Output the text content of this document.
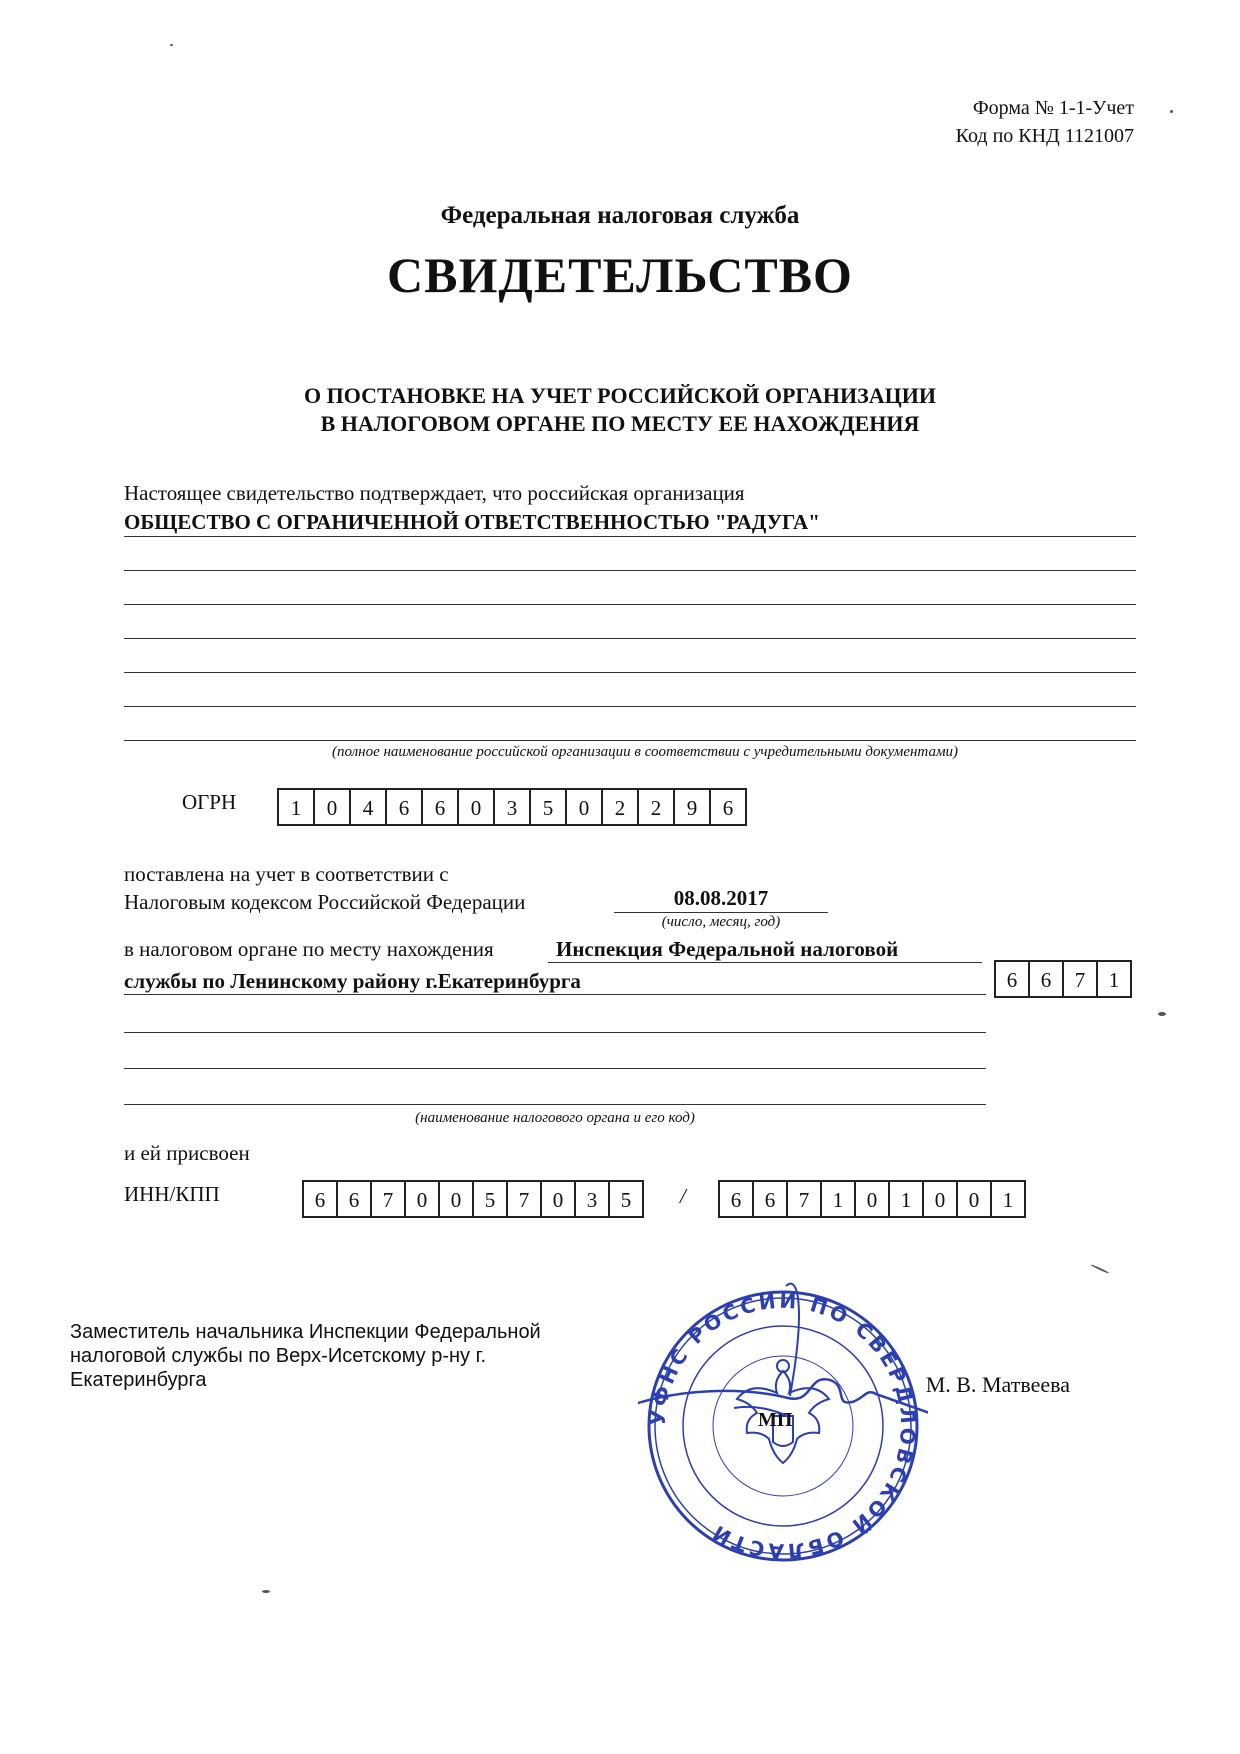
Форма № 1-1-Учет
Код по КНД 1121007
Федеральная налоговая служба
СВИДЕТЕЛЬСТВО
О ПОСТАНОВКЕ НА УЧЕТ РОССИЙСКОЙ ОРГАНИЗАЦИИ
В НАЛОГОВОМ ОРГАНЕ ПО МЕСТУ ЕЕ НАХОЖДЕНИЯ
Настоящее свидетельство подтверждает, что российская организация
ОБЩЕСТВО С ОГРАНИЧЕННОЙ ОТВЕТСТВЕННОСТЬЮ "РАДУГА"
(полное наименование российской организации в соответствии с учредительными документами)
ОГРН	1	0	4	6	6	0	3	5	0	2	2	9	6
поставлена на учет в соответствии с
Налоговым кодексом Российской Федерации	08.08.2017
(число, месяц, год)
в налоговом органе по месту нахождения	Инспекция Федеральной налоговой
службы по Ленинскому району г.Екатеринбурга	6	6	7	1
(наименование налогового органа и его код)
и ей присвоен
ИНН/КПП	6	6	7	0	0	5	7	0	3	5	/	6	6	7	1	0	1	0	0	1
Заместитель начальника Инспекции Федеральной
налоговой службы по Верх-Исетскому р-ну г.
Екатеринбурга	М. В. Матвеева
УФНС РОССИИ ПО СВЕРДЛОВСКОЙ ОБЛАСТИ
МП
